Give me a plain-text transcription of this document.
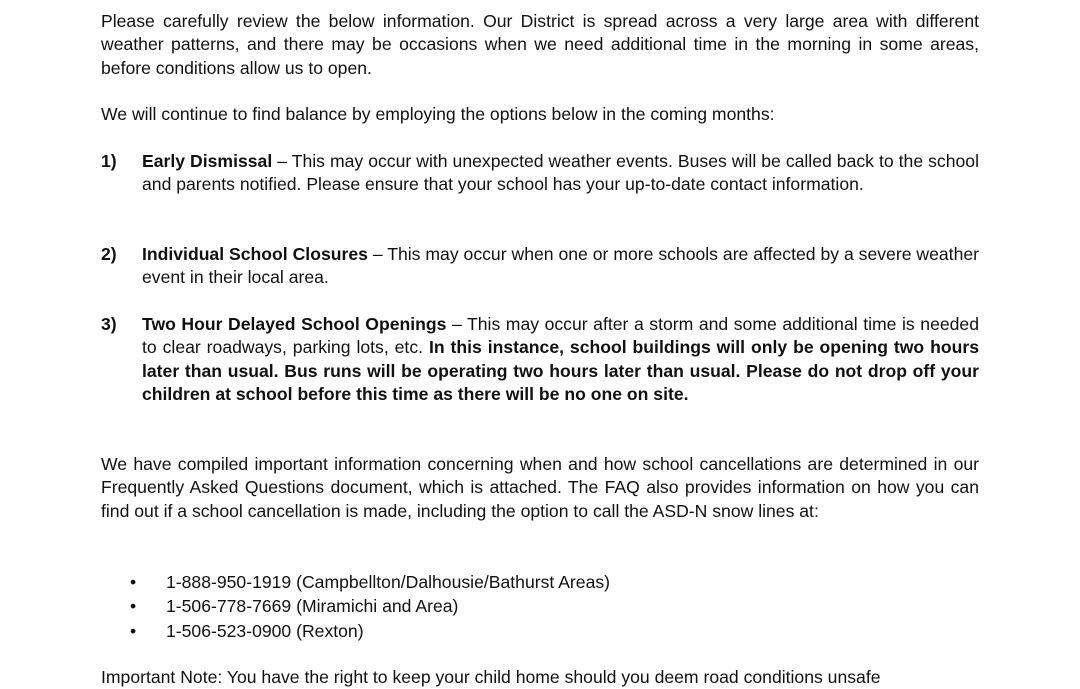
Please carefully review the below information. Our District is spread across a very large area with different weather patterns, and there may be occasions when we need additional time in the morning in some areas, before conditions allow us to open.
We will continue to find balance by employing the options below in the coming months:
1) Early Dismissal – This may occur with unexpected weather events. Buses will be called back to the school and parents notified. Please ensure that your school has your up-to-date contact information.
2) Individual School Closures – This may occur when one or more schools are affected by a severe weather event in their local area.
3) Two Hour Delayed School Openings – This may occur after a storm and some additional time is needed to clear roadways, parking lots, etc. In this instance, school buildings will only be opening two hours later than usual. Bus runs will be operating two hours later than usual. Please do not drop off your children at school before this time as there will be no one on site.
We have compiled important information concerning when and how school cancellations are determined in our Frequently Asked Questions document, which is attached. The FAQ also provides information on how you can find out if a school cancellation is made, including the option to call the ASD-N snow lines at:
• 1-888-950-1919 (Campbellton/Dalhousie/Bathurst Areas)
• 1-506-778-7669 (Miramichi and Area)
• 1-506-523-0900 (Rexton)
Important Note: You have the right to keep your child home should you deem road conditions unsafe
